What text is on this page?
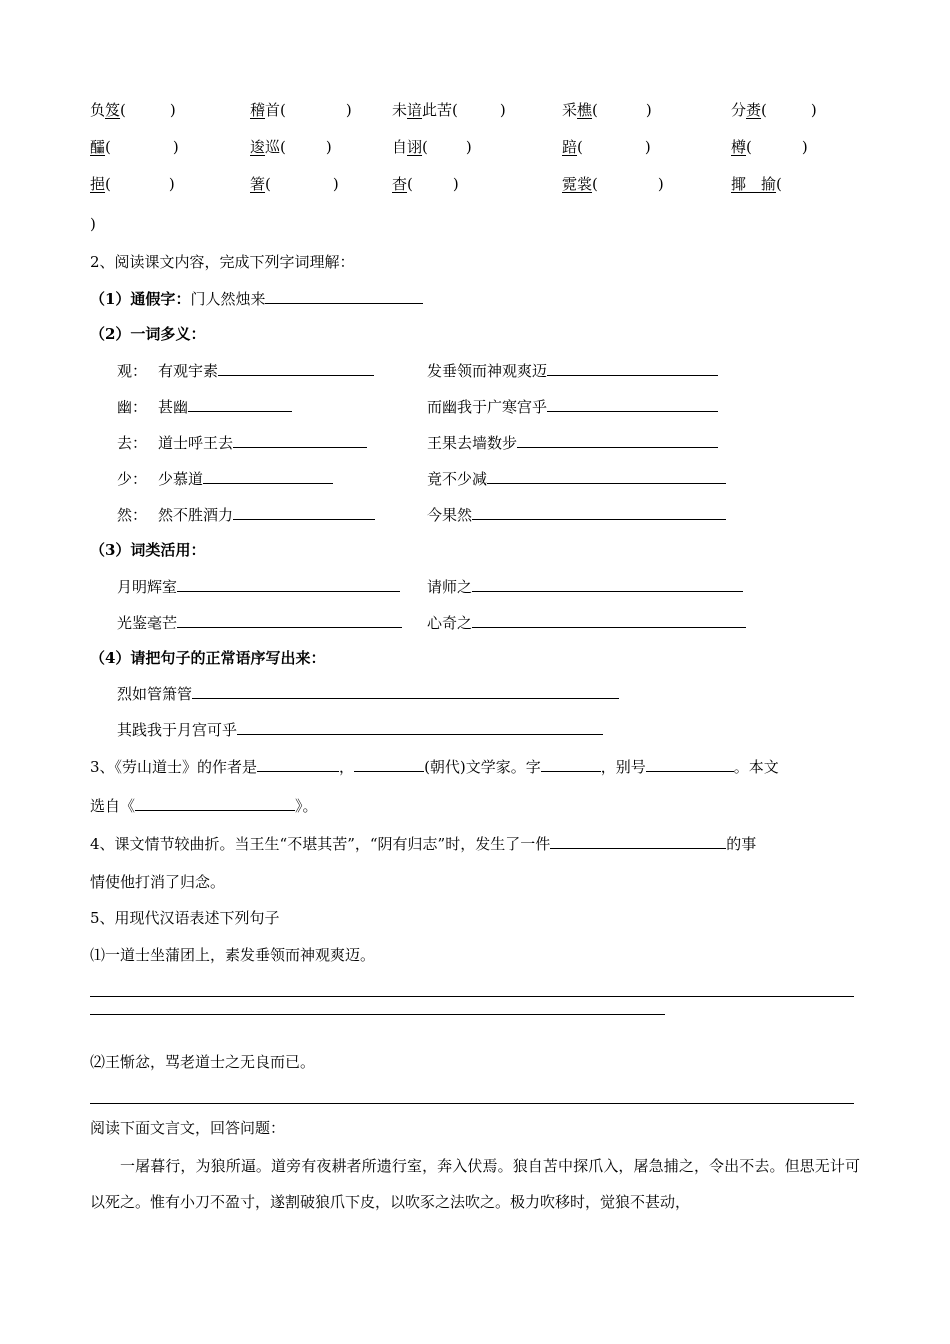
负笈(	)	稽首(	)	未谙此苦(	)	采樵(	)	分赉(	)
醽(	)	逡巡(	)	自诩(	)	踣(	)	樽(	)
挹(	)	箸(	)	杳(	)	霓裳(	)	揶　揄(
)
2、阅读课文内容，完成下列字词理解：
（1）通假字：门人然烛来
（2）一词多义：
观： 有观宇素	发垂领而神观爽迈
幽： 甚幽	而幽我于广寒宫乎
去： 道士呼王去	王果去墙数步
少： 少慕道	竟不少减
然： 然不胜酒力	今果然
（3）词类活用：
月明辉室	请师之
光鉴毫芒	心奇之
（4）请把句子的正常语序写出来：
烈如管箫管
其践我于月宫可乎
3、《劳山道士》的作者是	，	(朝代)文学家。字	，别号	。本文
选自《	》。
4、课文情节较曲折。当王生“不堪其苦”，“阴有归志”时，发生了一件	的事
情使他打消了归念。
5、用现代汉语表述下列句子
⑴一道士坐蒲团上，素发垂领而神观爽迈。
⑵王惭忿，骂老道士之无良而已。
阅读下面文言文，回答问题：
一屠暮行，为狼所逼。道旁有夜耕者所遗行室，奔入伏焉。狼自苫中探爪入，屠急捕之，令出不去。但思无计可以死之。惟有小刀不盈寸，遂割破狼爪下皮，以吹豕之法吹之。极力吹移时，觉狼不甚动，
